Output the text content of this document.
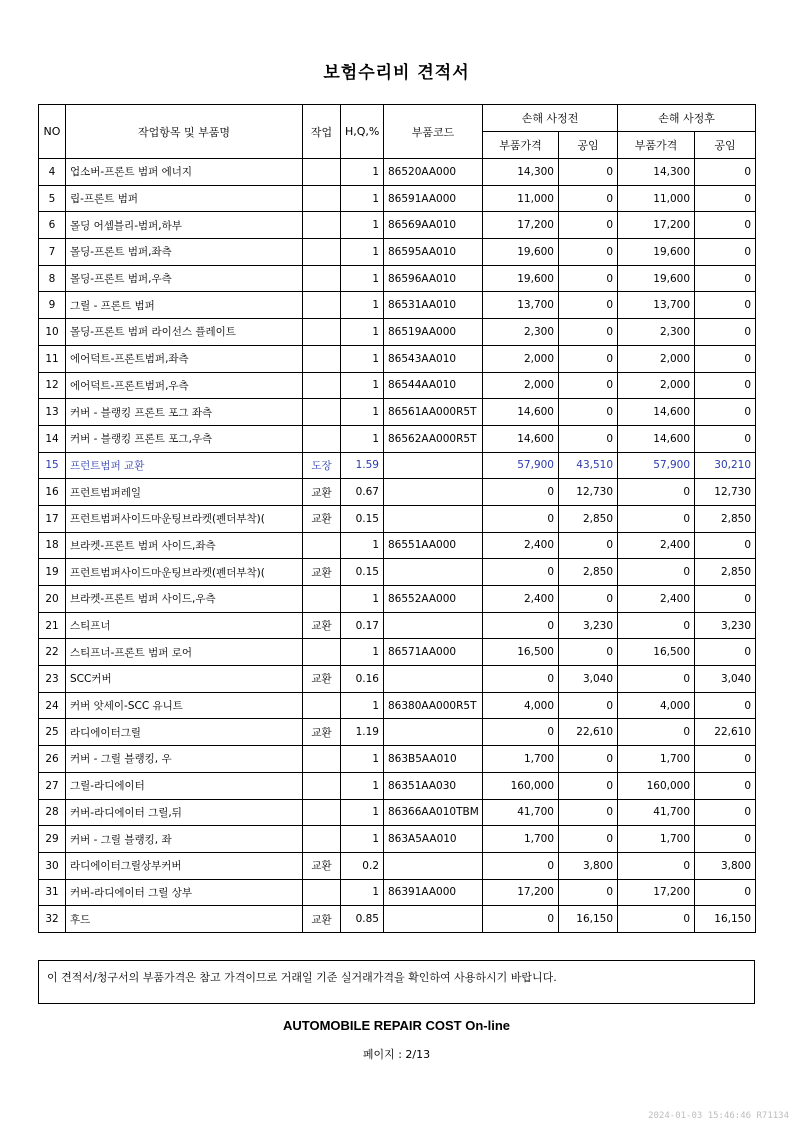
보험수리비 견적서
NO	작업항목 및 부품명	작업	H,Q,%	부품코드	손해 사정전		손해 사정후	
					부품가격	공임	부품가격	공임
4	업소버-프론트 범퍼 에너지		1	86520AA000	14,300	0	14,300	0
5	립-프론트 범퍼		1	86591AA000	11,000	0	11,000	0
6	몰딩 어셈블리-범퍼,하부		1	86569AA010	17,200	0	17,200	0
7	몰딩-프론트 범퍼,좌측		1	86595AA010	19,600	0	19,600	0
8	몰딩-프론트 범퍼,우측		1	86596AA010	19,600	0	19,600	0
9	그릴 - 프론트 범퍼		1	86531AA010	13,700	0	13,700	0
10	몰딩-프론트 범퍼 라이선스 플레이트		1	86519AA000	2,300	0	2,300	0
11	에어덕트-프론트범퍼,좌측		1	86543AA010	2,000	0	2,000	0
12	에어덕트-프론트범퍼,우측		1	86544AA010	2,000	0	2,000	0
13	커버 - 블랭킹 프론트 포그 좌측		1	86561AA000R5T	14,600	0	14,600	0
14	커버 - 블랭킹 프론트 포그,우측		1	86562AA000R5T	14,600	0	14,600	0
15	프런트범퍼 교환	도장	1.59		57,900	43,510	57,900	30,210
16	프런트범퍼레일	교환	0.67		0	12,730	0	12,730
17	프런트범퍼사이드마운팅브라켓(펜더부착)(	교환	0.15		0	2,850	0	2,850
18	브라켓-프론트 범퍼 사이드,좌측		1	86551AA000	2,400	0	2,400	0
19	프런트범퍼사이드마운팅브라켓(펜더부착)(	교환	0.15		0	2,850	0	2,850
20	브라켓-프론트 범퍼 사이드,우측		1	86552AA000	2,400	0	2,400	0
21	스티프너	교환	0.17		0	3,230	0	3,230
22	스티프너-프론트 범퍼 로어		1	86571AA000	16,500	0	16,500	0
23	SCC커버	교환	0.16		0	3,040	0	3,040
24	커버 앗세이-SCC 유니트		1	86380AA000R5T	4,000	0	4,000	0
25	라디에이터그릴	교환	1.19		0	22,610	0	22,610
26	커버 - 그릴 블랭킹, 우		1	863B5AA010	1,700	0	1,700	0
27	그릴-라디에이터		1	86351AA030	160,000	0	160,000	0
28	커버-라디에이터 그릴,뒤		1	86366AA010TBM	41,700	0	41,700	0
29	커버 - 그릴 블랭킹, 좌		1	863A5AA010	1,700	0	1,700	0
30	라디에이터그릴상부커버	교환	0.2		0	3,800	0	3,800
31	커버-라디에이터 그릴 상부		1	86391AA000	17,200	0	17,200	0
32	후드	교환	0.85		0	16,150	0	16,150
이 견적서/청구서의 부품가격은 참고 가격이므로 거래일 기준 실거래가격을 확인하여 사용하시기 바랍니다.
AUTOMOBILE REPAIR COST On-line
페이지 : 2/13
2024-01-03 15:46:46 R71134
